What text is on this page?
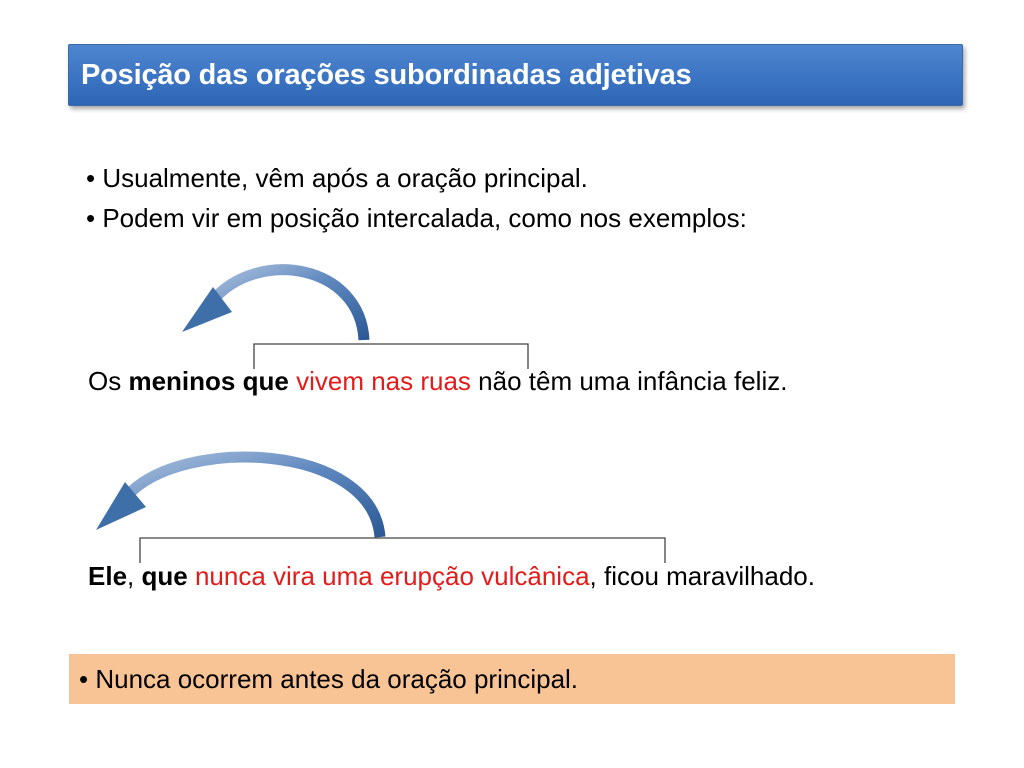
Posição das orações subordinadas adjetivas
• Usualmente, vêm após a oração principal.
• Podem vir em posição intercalada, como nos exemplos:
Os meninos que vivem nas ruas não têm uma infância feliz.
Ele, que nunca vira uma erupção vulcânica, ficou maravilhado.
• Nunca ocorrem antes da oração principal.
